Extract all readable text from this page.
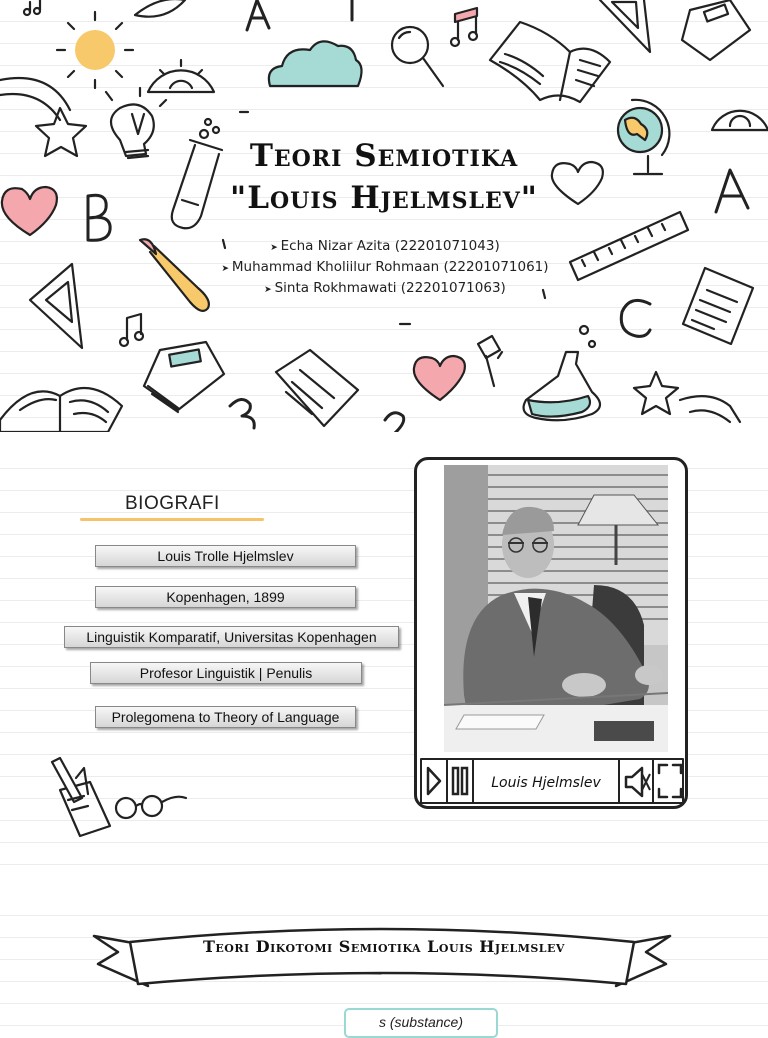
Teori Semiotika
"Louis Hjelmslev"
➤ Echa Nizar Azita (22201071043)
➤ Muhammad Kholiilur Rohmaan (22201071061)
➤ Sinta Rokhmawati (22201071063)
BIOGRAFI
Louis Trolle Hjelmslev
Kopenhagen, 1899
Linguistik Komparatif, Universitas Kopenhagen
Profesor Linguistik | Penulis
Prolegomena to Theory of Language
Louis Hjelmslev
Teori Dikotomi Semiotika Louis Hjelmslev
s (substance)
